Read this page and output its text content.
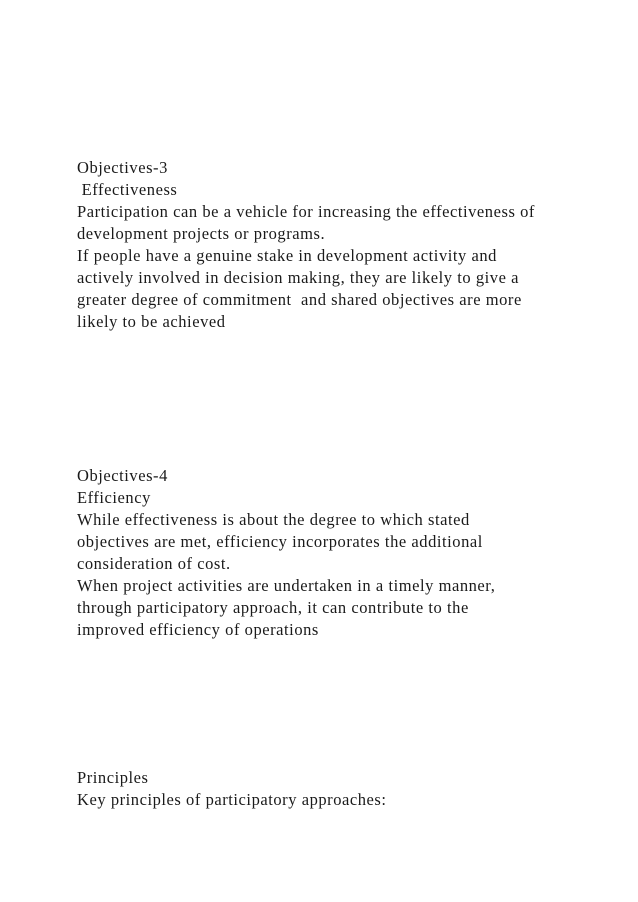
Objectives-3
Effectiveness
Participation can be a vehicle for increasing the effectiveness of
development projects or programs.
If people have a genuine stake in development activity and
actively involved in decision making, they are likely to give a
greater degree of commitment  and shared objectives are more
likely to be achieved
Objectives-4
Efficiency
While effectiveness is about the degree to which stated
objectives are met, efficiency incorporates the additional
consideration of cost.
When project activities are undertaken in a timely manner,
through participatory approach, it can contribute to the
improved efficiency of operations
Principles
Key principles of participatory approaches:
